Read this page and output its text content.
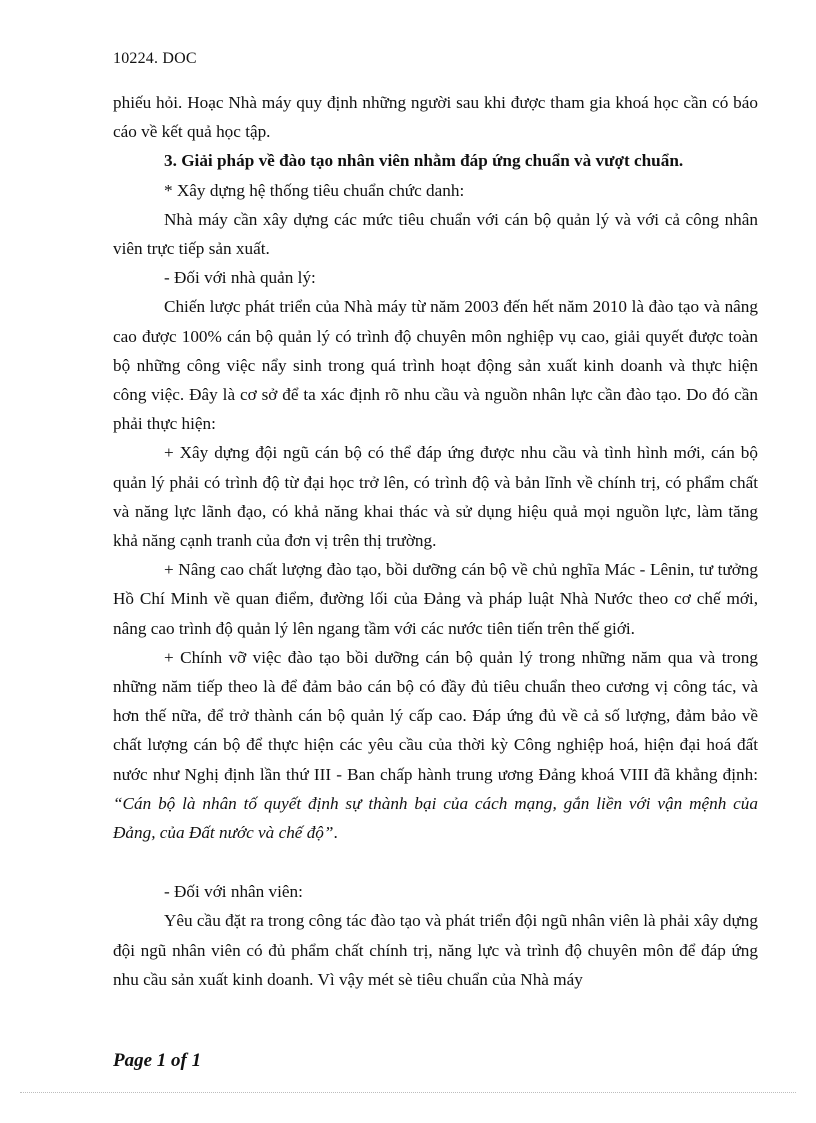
10224. DOC

phiếu hỏi. Hoạc Nhà máy quy định những người sau khi được tham gia khoá học cần có báo cáo về kết quả học tập.

3. Giải pháp về đào tạo nhân viên nhằm đáp ứng chuẩn và vượt chuẩn.

* Xây dựng hệ thống tiêu chuẩn chức danh:

Nhà máy cần xây dựng các mức tiêu chuẩn với cán bộ quản lý và với cả công nhân viên trực tiếp sản xuất.

- Đối với nhà quản lý:

Chiến lược phát triển của Nhà máy từ năm 2003 đến hết năm 2010 là đào tạo và nâng cao được 100% cán bộ quản lý có trình độ chuyên môn nghiệp vụ cao, giải quyết được toàn bộ những công việc nẩy sinh trong quá trình hoạt động sản xuất kinh doanh và thực hiện công việc. Đây là cơ sở để ta xác định rõ nhu cầu và nguồn nhân lực cần đào tạo. Do đó cần phải thực hiện:

+ Xây dựng đội ngũ cán bộ có thể đáp ứng được nhu cầu và tình hình mới, cán bộ quản lý phải có trình độ từ đại học trở lên, có trình độ và bản lĩnh về chính trị, có phẩm chất và năng lực lãnh đạo, có khả năng khai thác và sử dụng hiệu quả mọi nguồn lực, làm tăng khả năng cạnh tranh của đơn vị trên thị trường.

+ Nâng cao chất lượng đào tạo, bồi dưỡng cán bộ về chủ nghĩa Mác - Lênin, tư tưởng Hồ Chí Minh về quan điểm, đường lối của Đảng và pháp luật Nhà Nước theo cơ chế mới, nâng cao trình độ quản lý lên ngang tầm với các nước tiên tiến trên thế giới.

+ Chính vỡ việc đào tạo bồi dưỡng cán bộ quản lý trong những năm qua và trong những năm tiếp theo là để đảm bảo cán bộ có đầy đủ tiêu chuẩn theo cương vị công tác, và hơn thế nữa, để trở thành cán bộ quản lý cấp cao. Đáp ứng đủ về cả số lượng, đảm bảo về chất lượng cán bộ để thực hiện các yêu cầu của thời kỳ Công nghiệp hoá, hiện đại hoá đất nước như Nghị định lần thứ III - Ban chấp hành trung ương Đảng khoá VIII đã khẳng định: “Cán bộ là nhân tố quyết định sự thành bại của cách mạng, gắn liền với vận mệnh của Đảng, của Đất nước và chế độ”.

- Đối với nhân viên:

Yêu cầu đặt ra trong công tác đào tạo và phát triển đội ngũ nhân viên là phải xây dựng đội ngũ nhân viên có đủ phẩm chất chính trị, năng lực và trình độ chuyên môn để đáp ứng nhu cầu sản xuất kinh doanh. Vì vậy mét sè tiêu chuẩn của Nhà máy

Page 1 of 1
